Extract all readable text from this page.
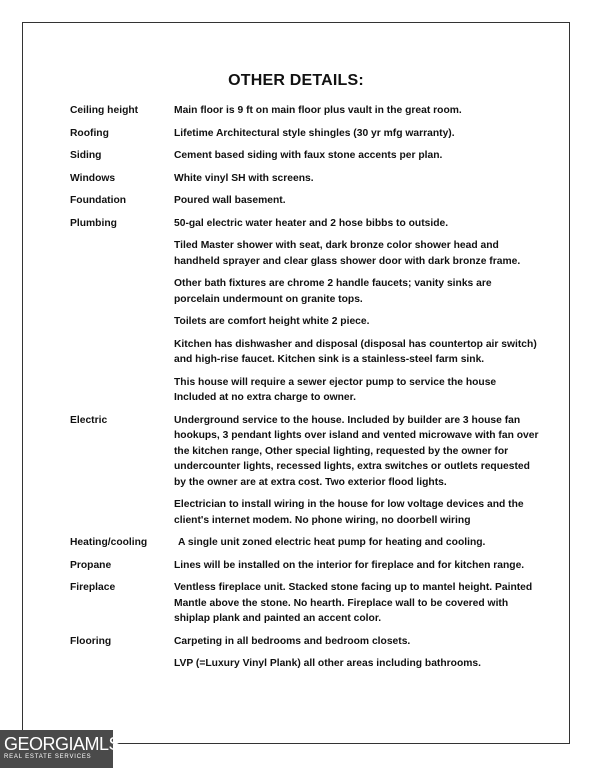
OTHER DETAILS:
Ceiling height	Main floor is 9 ft on main floor plus vault in the great room.
Roofing	Lifetime Architectural style shingles (30 yr mfg warranty).
Siding	Cement based siding with faux stone accents per plan.
Windows	White vinyl SH with screens.
Foundation	Poured wall basement.
Plumbing	50-gal electric water heater and 2 hose bibbs to outside.
Tiled Master shower with seat, dark bronze color shower head and handheld sprayer and clear glass shower door with dark bronze frame.
Other bath fixtures are chrome 2 handle faucets; vanity sinks are porcelain undermount on granite tops.
Toilets are comfort height white 2 piece.
Kitchen has dishwasher and disposal (disposal has countertop air switch) and high-rise faucet. Kitchen sink is a stainless-steel farm sink.
This house will require a sewer ejector pump to service the house Included at no extra charge to owner.
Electric	Underground service to the house. Included by builder are 3 house fan hookups, 3 pendant lights over island and vented microwave with fan over the kitchen range, Other special lighting, requested by the owner for undercounter lights, recessed lights, extra switches or outlets requested by the owner are at extra cost. Two exterior flood lights.
Electrician to install wiring in the house for low voltage devices and the client's internet modem. No phone wiring, no doorbell wiring
Heating/cooling	A single unit zoned electric heat pump for heating and cooling.
Propane	Lines will be installed on the interior for fireplace and for kitchen range.
Fireplace	Ventless fireplace unit. Stacked stone facing up to mantel height. Painted Mantle above the stone. No hearth. Fireplace wall to be covered with shiplap plank and painted an accent color.
Flooring	Carpeting in all bedrooms and bedroom closets.
LVP (=Luxury Vinyl Plank) all other areas including bathrooms.
GEORGIAMLS
REAL ESTATE SERVICES
